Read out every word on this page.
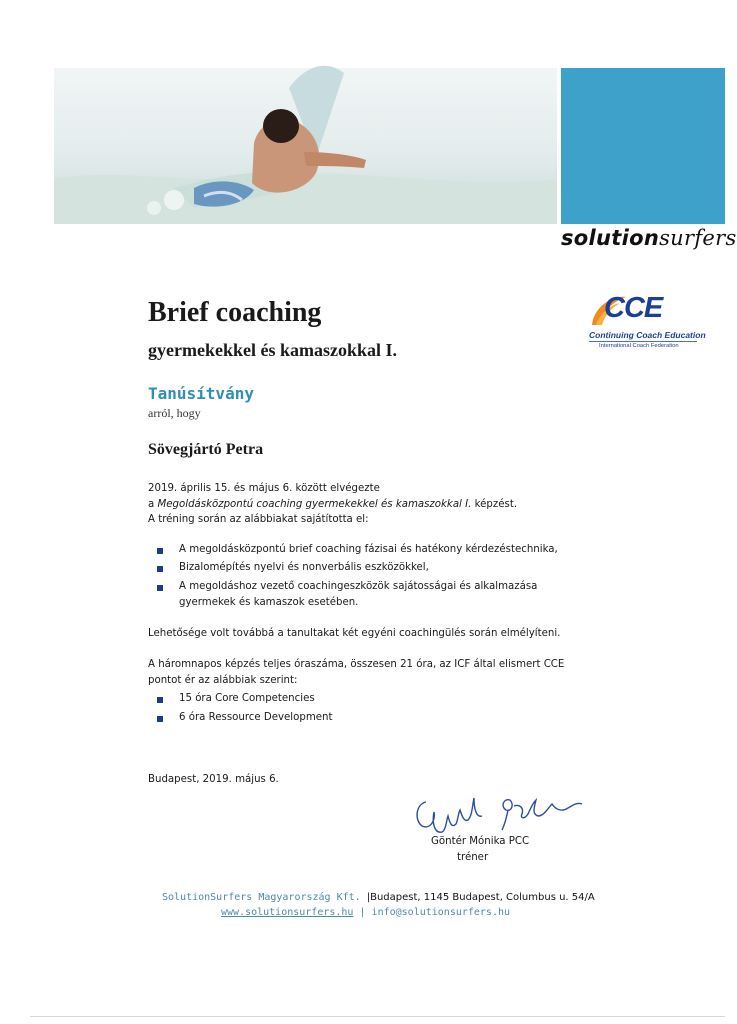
solutionsurfers
CCE
Continuing Coach Education
International Coach Federation
Brief coaching
gyermekekkel és kamaszokkal I.
Tanúsítvány
arról, hogy
Sövegjártó Petra
2019. április 15. és május 6. között elvégezte
a Megoldásközpontú coaching gyermekekkel és kamaszokkal I. képzést.
A tréning során az alábbiakat sajátította el:
A megoldásközpontú brief coaching fázisai és hatékony kérdezéstechnika,
Bizalomépítés nyelvi és nonverbális eszközökkel,
A megoldáshoz vezető coachingeszközök sajátosságai és alkalmazása
gyermekek és kamaszok esetében.
Lehetősége volt továbbá a tanultakat két egyéni coachingülés során elmélyíteni.
A háromnapos képzés teljes óraszáma, összesen 21 óra, az ICF által elismert CCE
pontot ér az alábbiak szerint:
15 óra Core Competencies
6 óra Ressource Development
Budapest, 2019. május 6.
Göntér Mónika PCC
tréner
SolutionSurfers Magyarország Kft. |Budapest, 1145 Budapest, Columbus u. 54/A
www.solutionsurfers.hu | info@solutionsurfers.hu
